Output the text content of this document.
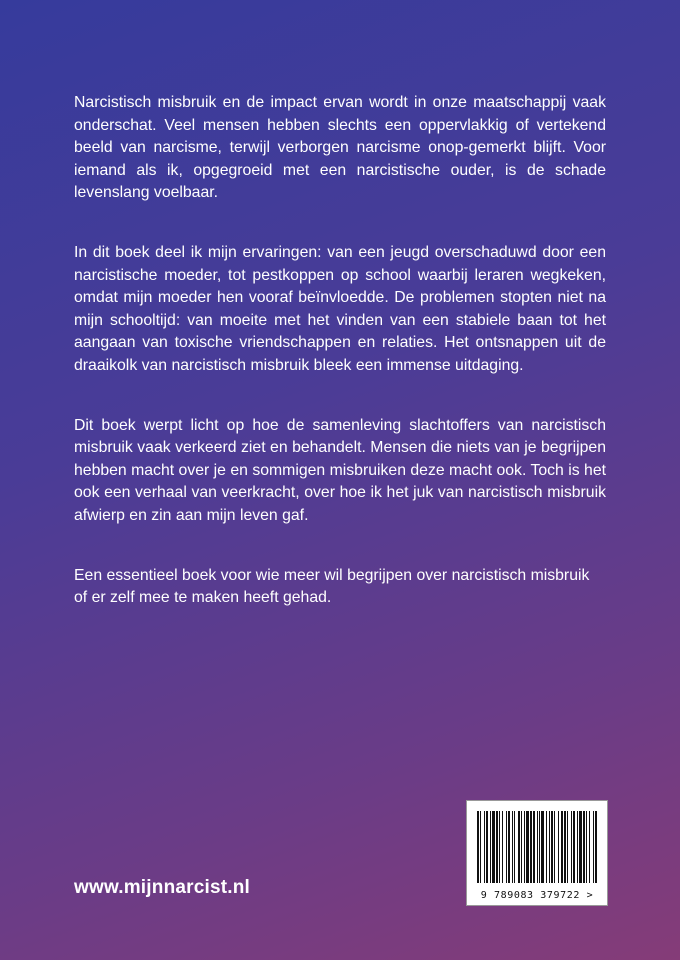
Narcistisch misbruik en de impact ervan wordt in onze maatschappij vaak onderschat. Veel mensen hebben slechts een oppervlakkig of vertekend beeld van narcisme, terwijl verborgen narcisme onop-gemerkt blijft. Voor iemand als ik, opgegroeid met een narcistische ouder, is de schade levenslang voelbaar.

In dit boek deel ik mijn ervaringen: van een jeugd overschaduwd door een narcistische moeder, tot pestkoppen op school waarbij leraren wegkeken, omdat mijn moeder hen vooraf beïnvloedde. De problemen stopten niet na mijn schooltijd: van moeite met het vinden van een stabiele baan tot het aangaan van toxische vriendschappen en relaties. Het ontsnappen uit de draaikolk van narcistisch misbruik bleek een immense uitdaging.

Dit boek werpt licht op hoe de samenleving slachtoffers van narcistisch misbruik vaak verkeerd ziet en behandelt. Mensen die niets van je begrijpen hebben macht over je en sommigen misbruiken deze macht ook. Toch is het ook een verhaal van veerkracht, over hoe ik het juk van narcistisch misbruik afwierp en zin aan mijn leven gaf.

Een essentieel boek voor wie meer wil begrijpen over narcistisch misbruik of er zelf mee te maken heeft gehad.

www.mijnnarcist.nl	9 789083 379722 >
